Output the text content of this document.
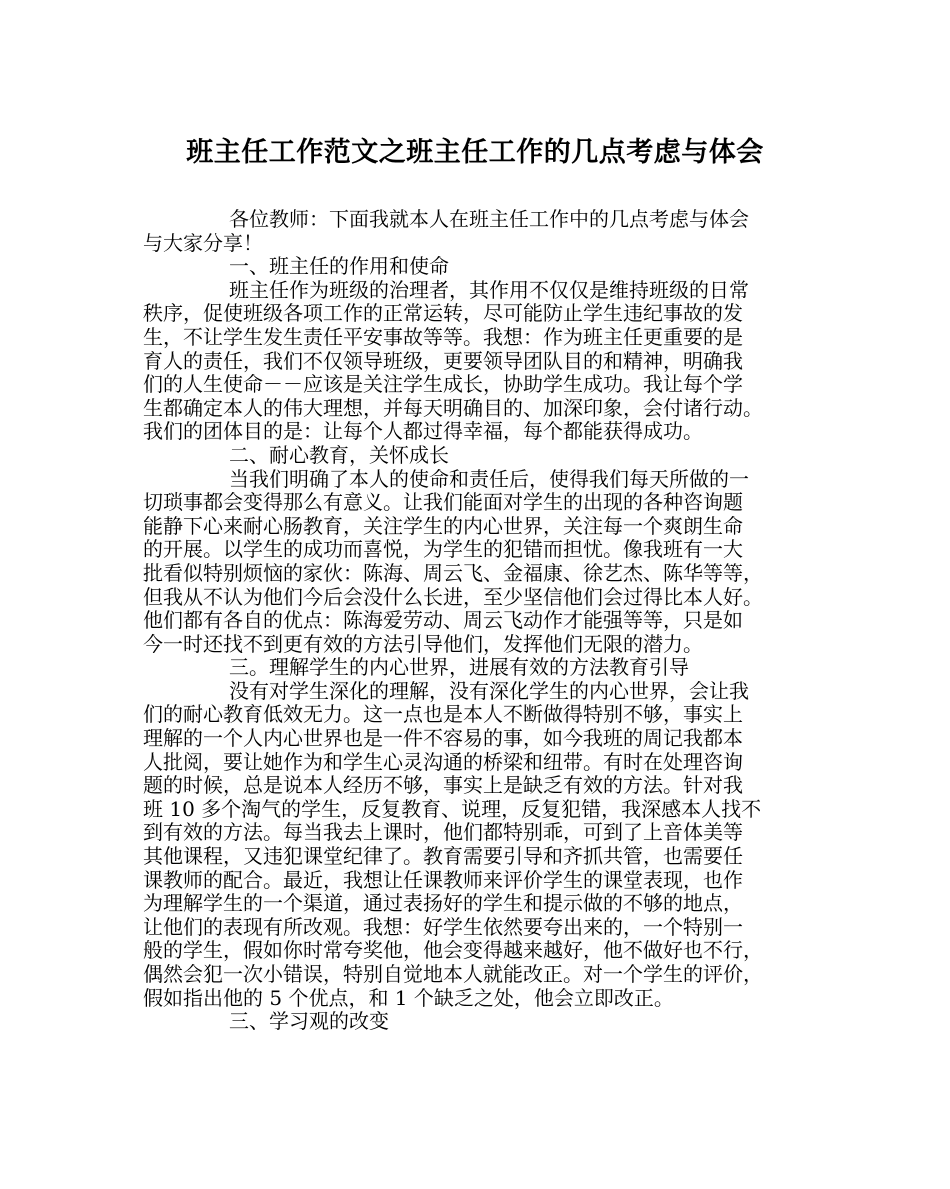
班主任工作范文之班主任工作的几点考虑与体会
各位教师：下面我就本人在班主任工作中的几点考虑与体会
与大家分享！
一、班主任的作用和使命
班主任作为班级的治理者，其作用不仅仅是维持班级的日常
秩序，促使班级各项工作的正常运转，尽可能防止学生违纪事故的发
生，不让学生发生责任平安事故等等。我想：作为班主任更重要的是
育人的责任，我们不仅领导班级，更要领导团队目的和精神，明确我
们的人生使命－－应该是关注学生成长，协助学生成功。我让每个学
生都确定本人的伟大理想，并每天明确目的、加深印象，会付诸行动。
我们的团体目的是：让每个人都过得幸福，每个都能获得成功。
二、耐心教育，关怀成长
当我们明确了本人的使命和责任后，使得我们每天所做的一
切琐事都会变得那么有意义。让我们能面对学生的出现的各种咨询题
能静下心来耐心肠教育，关注学生的内心世界，关注每一个爽朗生命
的开展。以学生的成功而喜悦，为学生的犯错而担忧。像我班有一大
批看似特别烦恼的家伙：陈海、周云飞、金福康、徐艺杰、陈华等等，
但我从不认为他们今后会没什么长进，至少坚信他们会过得比本人好。
他们都有各自的优点：陈海爱劳动、周云飞动作才能强等等，只是如
今一时还找不到更有效的方法引导他们，发挥他们无限的潜力。
三。理解学生的内心世界，进展有效的方法教育引导
没有对学生深化的理解，没有深化学生的内心世界，会让我
们的耐心教育低效无力。这一点也是本人不断做得特别不够，事实上
理解的一个人内心世界也是一件不容易的事，如今我班的周记我都本
人批阅，要让她作为和学生心灵沟通的桥梁和纽带。有时在处理咨询
题的时候，总是说本人经历不够，事实上是缺乏有效的方法。针对我
班 10 多个淘气的学生，反复教育、说理，反复犯错，我深感本人找不
到有效的方法。每当我去上课时，他们都特别乖，可到了上音体美等
其他课程，又违犯课堂纪律了。教育需要引导和齐抓共管，也需要任
课教师的配合。最近，我想让任课教师来评价学生的课堂表现，也作
为理解学生的一个渠道，通过表扬好的学生和提示做的不够的地点，
让他们的表现有所改观。我想：好学生依然要夸出来的，一个特别一
般的学生，假如你时常夸奖他，他会变得越来越好，他不做好也不行，
偶然会犯一次小错误，特别自觉地本人就能改正。对一个学生的评价，
假如指出他的 5 个优点，和 1 个缺乏之处，他会立即改正。
三、学习观的改变
